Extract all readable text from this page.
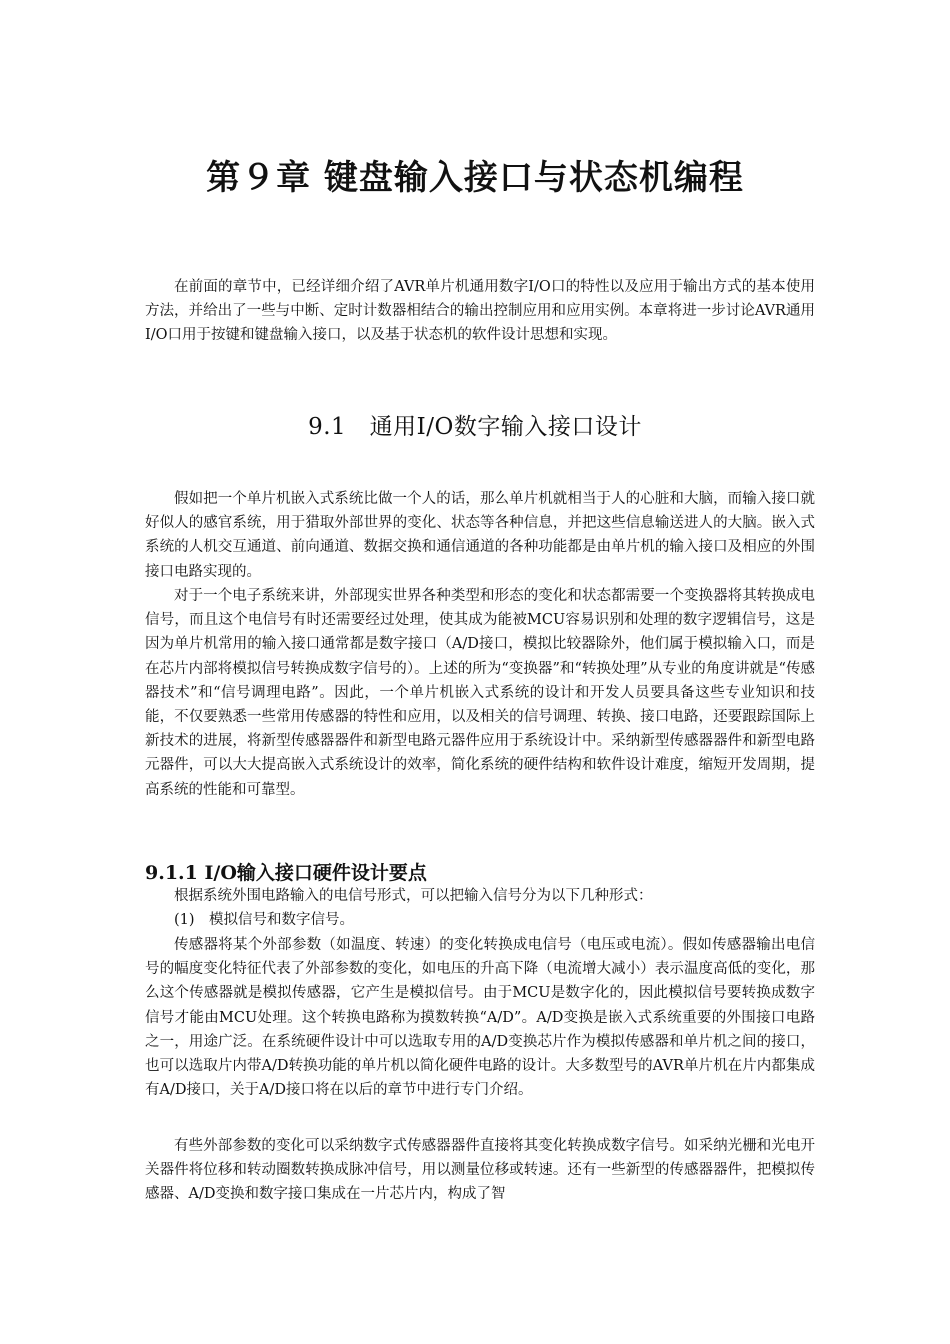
第９章 键盘输入接口与状态机编程

在前面的章节中，已经详细介绍了AVR单片机通用数字I/O口的特性以及应用于输出方式的基本使用方法，并给出了一些与中断、定时计数器相结合的输出控制应用和应用实例。本章将进一步讨论AVR通用I/O口用于按键和键盘输入接口，以及基于状态机的软件设计思想和实现。

9.1　通用I/O数字输入接口设计

假如把一个单片机嵌入式系统比做一个人的话，那么单片机就相当于人的心脏和大脑，而输入接口就好似人的感官系统，用于猎取外部世界的变化、状态等各种信息，并把这些信息输送进人的大脑。嵌入式系统的人机交互通道、前向通道、数据交换和通信通道的各种功能都是由单片机的输入接口及相应的外围接口电路实现的。

对于一个电子系统来讲，外部现实世界各种类型和形态的变化和状态都需要一个变换器将其转换成电信号，而且这个电信号有时还需要经过处理，使其成为能被MCU容易识别和处理的数字逻辑信号，这是因为单片机常用的输入接口通常都是数字接口（A/D接口，模拟比较器除外，他们属于模拟输入口，而是在芯片内部将模拟信号转换成数字信号的）。上述的所为“变换器”和“转换处理”从专业的角度讲就是“传感器技术”和“信号调理电路”。因此，一个单片机嵌入式系统的设计和开发人员要具备这些专业知识和技能，不仅要熟悉一些常用传感器的特性和应用，以及相关的信号调理、转换、接口电路，还要跟踪国际上新技术的进展，将新型传感器器件和新型电路元器件应用于系统设计中。采纳新型传感器器件和新型电路元器件，可以大大提高嵌入式系统设计的效率，简化系统的硬件结构和软件设计难度，缩短开发周期，提高系统的性能和可靠型。

9.1.1 I/O输入接口硬件设计要点

根据系统外围电路输入的电信号形式，可以把输入信号分为以下几种形式：

(1)　模拟信号和数字信号。

传感器将某个外部参数（如温度、转速）的变化转换成电信号（电压或电流）。假如传感器输出电信号的幅度变化特征代表了外部参数的变化，如电压的升高下降（电流增大减小）表示温度高低的变化，那么这个传感器就是模拟传感器，它产生是模拟信号。由于MCU是数字化的，因此模拟信号要转换成数字信号才能由MCU处理。这个转换电路称为摸数转换“A/D”。A/D变换是嵌入式系统重要的外围接口电路之一，用途广泛。在系统硬件设计中可以选取专用的A/D变换芯片作为模拟传感器和单片机之间的接口，也可以选取片内带A/D转换功能的单片机以简化硬件电路的设计。大多数型号的AVR单片机在片内都集成有A/D接口，关于A/D接口将在以后的章节中进行专门介绍。

有些外部参数的变化可以采纳数字式传感器器件直接将其变化转换成数字信号。如采纳光栅和光电开关器件将位移和转动圈数转换成脉冲信号，用以测量位移或转速。还有一些新型的传感器器件，把模拟传感器、A/D变换和数字接口集成在一片芯片内，构成了智
